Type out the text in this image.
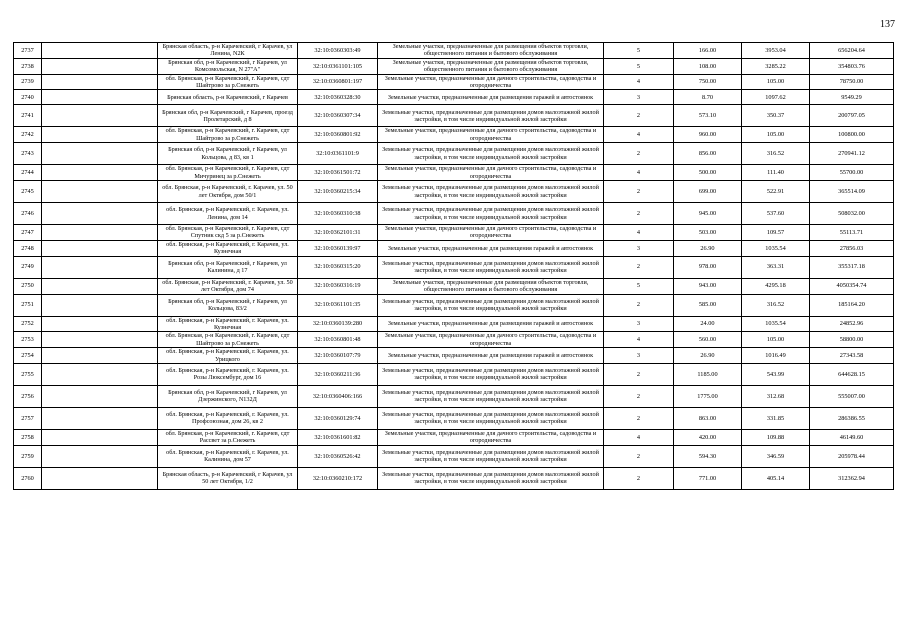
137
2737		Брянская область, р-н Карачевский, г Карачев, ул Ленина, N2К	32:10:0360303:49	Земельные участки, предназначенные для размещения объектов торговли, общественного питания и бытового обслуживания	5	166.00	3953.04	656204.64
2738		Брянская обл, р-н Карачевский, г Карачев, ул Комсомольская, N 27"А"	32:10:0361101:105	Земельные участки, предназначенные для размещения объектов торговли, общественного питания и бытового обслуживания	5	108.00	3285.22	354803.76
2739		обл. Брянская, р-н Карачевский, г. Карачев, сдт Шайтрово за р.Снежеть	32:10:0360801:197	Земельные участки, предназначенные для дачного строительства, садоводства и огородничества	4	750.00	105.00	78750.00
2740		Брянская область, р-н Карачевский, г Карачев	32:10:0360328:30	Земельные участки, предназначенные для размещения гаражей и автостоянок	3	8.70	1097.62	9549.29
2741		Брянская обл, р-н Карачевский, г Карачев, проезд Пролетарский, д 8	32:10:0360307:34	Земельные участки, предназначенные для размещения домов малоэтажной жилой застройки, в том числе индивидуальной жилой застройки	2	573.10	350.37	200797.05
2742		обл. Брянская, р-н Карачевский, г. Карачев, сдт Шайтрово за р.Снежеть	32:10:0360801:92	Земельные участки, предназначенные для дачного строительства, садоводства и огородничества	4	960.00	105.00	100800.00
2743		Брянская обл, р-н Карачевский, г Карачев, ул Кольцова, д 83, кв 1	32:10:0361101:9	Земельные участки, предназначенные для размещения домов малоэтажной жилой застройки, в том числе индивидуальной жилой застройки	2	856.00	316.52	270941.12
2744		обл. Брянская, р-н Карачевский, г. Карачев, сдт Мичуринец за р.Снежеть	32:10:0361501:72	Земельные участки, предназначенные для дачного строительства, садоводства и огородничества	4	500.00	111.40	55700.00
2745		обл. Брянская, р-н Карачевский, г. Карачев, ул. 50 лет Октября, дом 50/1	32:10:0360215:34	Земельные участки, предназначенные для размещения домов малоэтажной жилой застройки, в том числе индивидуальной жилой застройки	2	699.00	522.91	365514.09
2746		обл. Брянская, р-н Карачевский, г. Карачев, ул. Ленина, дом 14	32:10:0360310:38	Земельные участки, предназначенные для размещения домов малоэтажной жилой застройки, в том числе индивидуальной жилой застройки	2	945.00	537.60	508032.00
2747		обл. Брянская, р-н Карачевский, г. Карачев, сдт Спутник скд 5 за р.Снежеть	32:10:0362101:31	Земельные участки, предназначенные для дачного строительства, садоводства и огородничества	4	503.00	109.57	55113.71
2748		обл. Брянская, р-н Карачевский, г. Карачев, ул. Кузнечная	32:10:0360139:97	Земельные участки, предназначенные для размещения гаражей и автостоянок	3	26.90	1035.54	27856.03
2749		Брянская обл, р-н Карачевский, г Карачев, ул Калинина, д 17	32:10:0360315:20	Земельные участки, предназначенные для размещения домов малоэтажной жилой застройки, в том числе индивидуальной жилой застройки	2	978.00	363.31	355317.18
2750		обл. Брянская, р-н Карачевский, г. Карачев, ул. 50 лет Октября, дом 74	32:10:0360316:19	Земельные участки, предназначенные для размещения объектов торговли, общественного питания и бытового обслуживания	5	943.00	4295.18	4050354.74
2751		Брянская обл, р-н Карачевский, г Карачев, ул Кольцова, 83/2	32:10:0361101:35	Земельные участки, предназначенные для размещения домов малоэтажной жилой застройки, в том числе индивидуальной жилой застройки	2	585.00	316.52	185164.20
2752		обл. Брянская, р-н Карачевский, г. Карачев, ул. Кузнечная	32:10:0360139:280	Земельные участки, предназначенные для размещения гаражей и автостоянок	3	24.00	1035.54	24852.96
2753		обл. Брянская, р-н Карачевский, г. Карачев, сдт Шайтрово за р.Снежеть	32:10:0360801:48	Земельные участки, предназначенные для дачного строительства, садоводства и огородничества	4	560.00	105.00	58800.00
2754		обл. Брянская, р-н Карачевский, г. Карачев, ул. Урицкого	32:10:0360107:79	Земельные участки, предназначенные для размещения гаражей и автостоянок	3	26.90	1016.49	27343.58
2755		обл. Брянская, р-н Карачевский, г. Карачев, ул. Розы Люксембург, дом 16	32:10:0360211:36	Земельные участки, предназначенные для размещения домов малоэтажной жилой застройки, в том числе индивидуальной жилой застройки	2	1185.00	543.99	644628.15
2756		Брянская обл, р-н Карачевский, г Карачев, ул Дзержинского, N132Д	32:10:0360406:166	Земельные участки, предназначенные для размещения домов малоэтажной жилой застройки, в том числе индивидуальной жилой застройки	2	1775.00	312.68	555007.00
2757		обл. Брянская, р-н Карачевский, г. Карачев, ул. Профсоюзная, дом 26, кв 2	32:10:0360129:74	Земельные участки, предназначенные для размещения домов малоэтажной жилой застройки, в том числе индивидуальной жилой застройки	2	863.00	331.85	286386.55
2758		обл. Брянская, р-н Карачевский, г. Карачев, сдт Рассвет за р.Снежеть	32:10:0361601:82	Земельные участки, предназначенные для дачного строительства, садоводства и огородничества	4	420.00	109.88	46149.60
2759		обл. Брянская, р-н Карачевский, г. Карачев, ул. Калинина, дом 57	32:10:0360526:42	Земельные участки, предназначенные для размещения домов малоэтажной жилой застройки, в том числе индивидуальной жилой застройки	2	594.30	346.59	205978.44
2760		Брянская область, р-н Карачевский, г Карачев, ул 50 лет Октября, 1/2	32:10:0360210:172	Земельные участки, предназначенные для размещения домов малоэтажной жилой застройки, в том числе индивидуальной жилой застройки	2	771.00	405.14	312362.94
